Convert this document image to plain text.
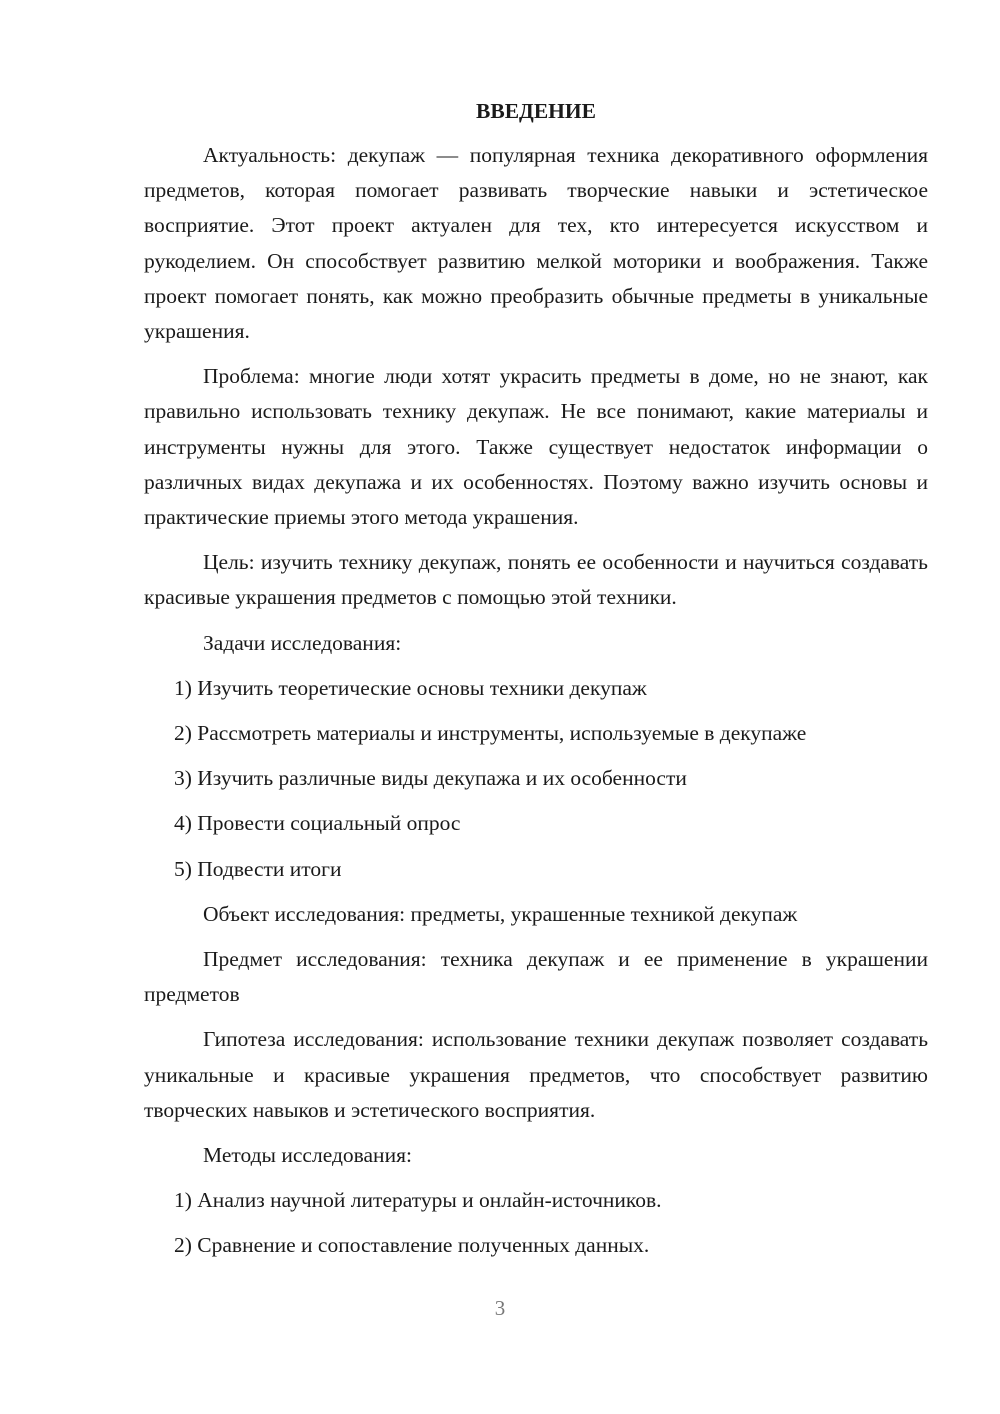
ВВЕДЕНИЕ

Актуальность: декупаж — популярная техника декоративного оформления предметов, которая помогает развивать творческие навыки и эстетическое восприятие. Этот проект актуален для тех, кто интересуется искусством и рукоделием. Он способствует развитию мелкой моторики и воображения. Также проект помогает понять, как можно преобразить обычные предметы в уникальные украшения.

Проблема: многие люди хотят украсить предметы в доме, но не знают, как правильно использовать технику декупаж. Не все понимают, какие материалы и инструменты нужны для этого. Также существует недостаток информации о различных видах декупажа и их особенностях. Поэтому важно изучить основы и практические приемы этого метода украшения.

Цель: изучить технику декупаж, понять ее особенности и научиться создавать красивые украшения предметов с помощью этой техники.

Задачи исследования:

1) Изучить теоретические основы техники декупаж

2) Рассмотреть материалы и инструменты, используемые в декупаже

3) Изучить различные виды декупажа и их особенности

4) Провести социальный опрос

5) Подвести итоги

Объект исследования: предметы, украшенные техникой декупаж

Предмет исследования: техника декупаж и ее применение в украшении предметов

Гипотеза исследования: использование техники декупаж позволяет создавать уникальные и красивые украшения предметов, что способствует развитию творческих навыков и эстетического восприятия.

Методы исследования:

1) Анализ научной литературы и онлайн-источников.

2) Сравнение и сопоставление полученных данных.

3
